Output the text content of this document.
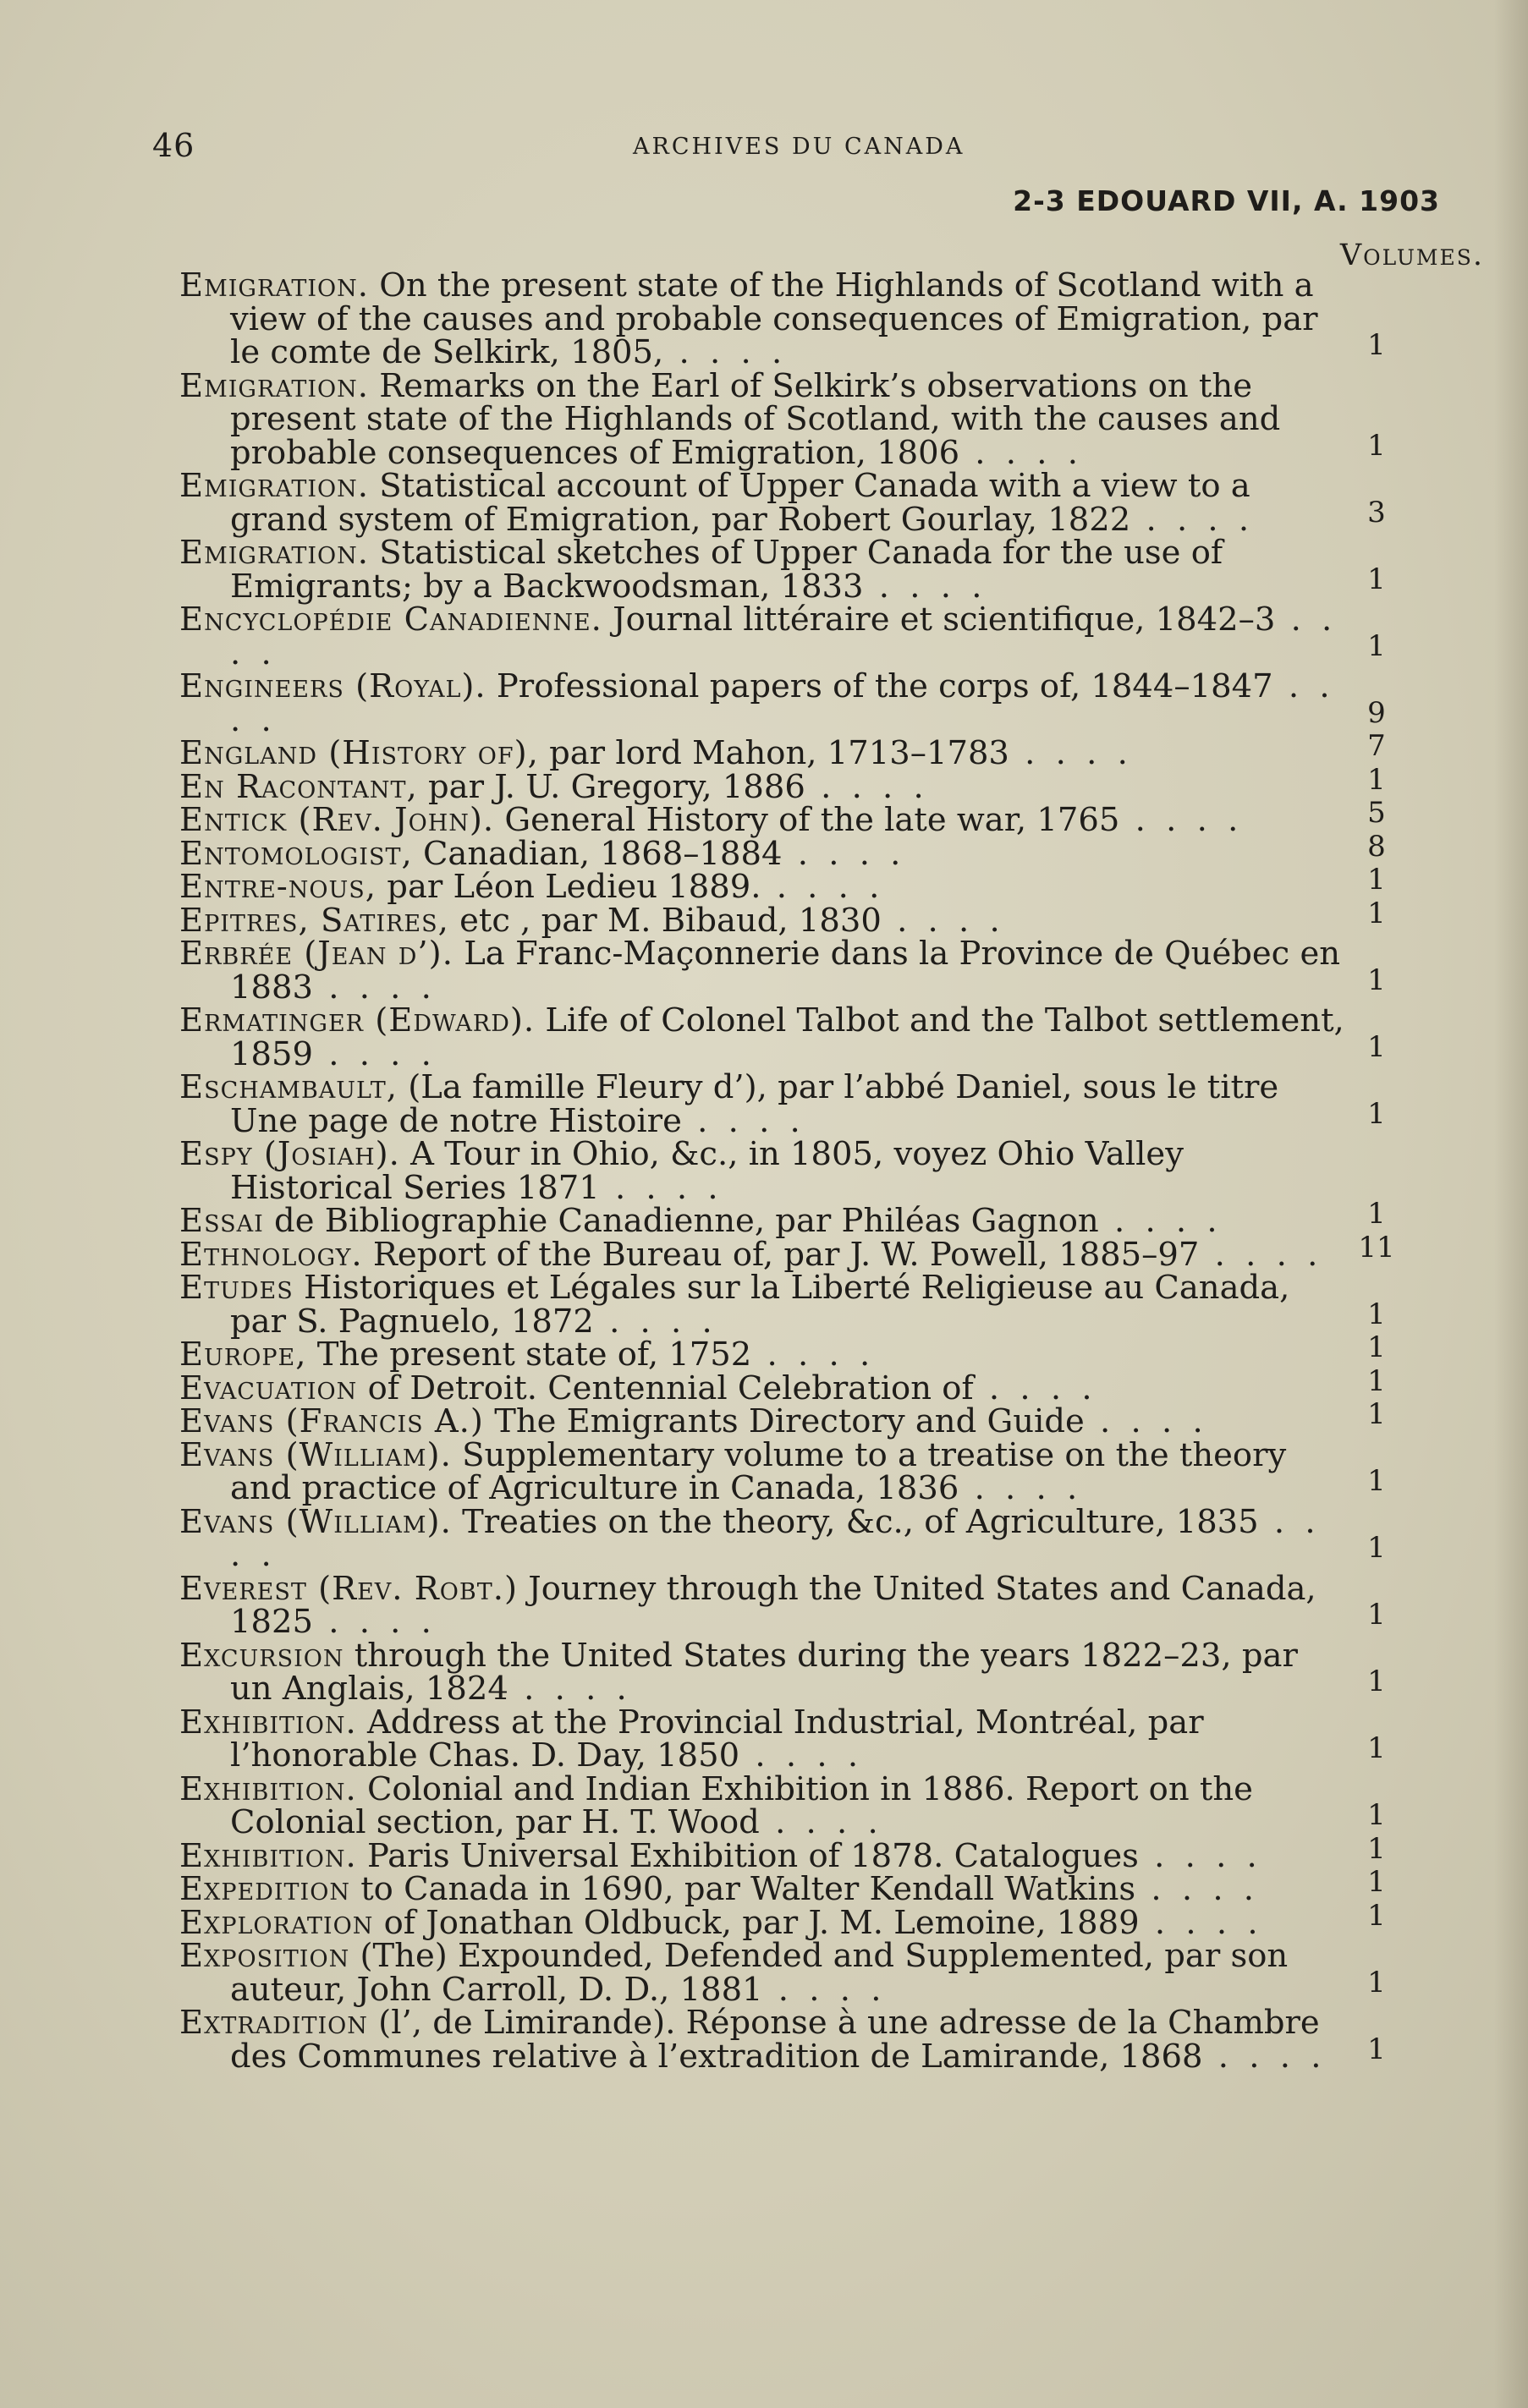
46	ARCHIVES DU CANADA
2-3 EDOUARD VII, A. 1903
Volumes.
Emigration. On the present state of the Highlands of Scotland with a view of the causes and probable consequences of Emigration, par le comte de Selkirk, 1805, . . . .	1
Emigration. Remarks on the Earl of Selkirk’s observations on the present state of the Highlands of Scotland, with the causes and probable consequences of Emigration, 1806 . . . .	1
Emigration. Statistical account of Upper Canada with a view to a grand system of Emigration, par Robert Gourlay, 1822 . . . .	3
Emigration. Statistical sketches of Upper Canada for the use of Emigrants; by a Backwoodsman, 1833 . . . .	1
Encyclopédie Canadienne. Journal littéraire et scientifique, 1842–3 . . . .	1
Engineers (Royal). Professional papers of the corps of, 1844–1847 . . . .	9
England (History of), par lord Mahon, 1713–1783 . . . .	7
En Racontant, par J. U. Gregory, 1886 . . . .	1
Entick (Rev. John). General History of the late war, 1765 . . . .	5
Entomologist, Canadian, 1868–1884 . . . .	8
Entre-nous, par Léon Ledieu 1889. . . . .	1
Epitres, Satires, etc , par M. Bibaud, 1830 . . . .	1
Erbrée (Jean d’). La Franc-Maçonnerie dans la Province de Québec en 1883 . . . .	1
Ermatinger (Edward). Life of Colonel Talbot and the Talbot settlement, 1859 . . . .	1
Eschambault, (La famille Fleury d’), par l’abbé Daniel, sous le titre Une page de notre Histoire . . . .	1
Espy (Josiah). A Tour in Ohio, &c., in 1805, voyez Ohio Valley Historical Series 1871 . . . .
Essai de Bibliographie Canadienne, par Philéas Gagnon . . . .	1
Ethnology. Report of the Bureau of, par J. W. Powell, 1885–97 . . . . 11
Etudes Historiques et Légales sur la Liberté Religieuse au Canada, par S. Pagnuelo, 1872 . . . .	1
Europe, The present state of, 1752 . . . .	1
Evacuation of Detroit. Centennial Celebration of . . . .	1
Evans (Francis A.) The Emigrants Directory and Guide . . . .	1
Evans (William). Supplementary volume to a treatise on the theory and practice of Agriculture in Canada, 1836 . . . .	1
Evans (William). Treaties on the theory, &c., of Agriculture, 1835 . . . .	1
Everest (Rev. Robt.) Journey through the United States and Canada, 1825 . . . .	1
Excursion through the United States during the years 1822–23, par un Anglais, 1824 . . . .	1
Exhibition. Address at the Provincial Industrial, Montréal, par l’honorable Chas. D. Day, 1850 . . . .	1
Exhibition. Colonial and Indian Exhibition in 1886. Report on the Colonial section, par H. T. Wood . . . .	1
Exhibition. Paris Universal Exhibition of 1878. Catalogues . . . .	1
Expedition to Canada in 1690, par Walter Kendall Watkins . . . .	1
Exploration of Jonathan Oldbuck, par J. M. Lemoine, 1889 . . . .	1
Exposition (The) Expounded, Defended and Supplemented, par son auteur, John Carroll, D. D., 1881 . . . .	1
Extradition (l’, de Limirande). Réponse à une adresse de la Chambre des Communes relative à l’extradition de Lamirande, 1868 . . . . 1
